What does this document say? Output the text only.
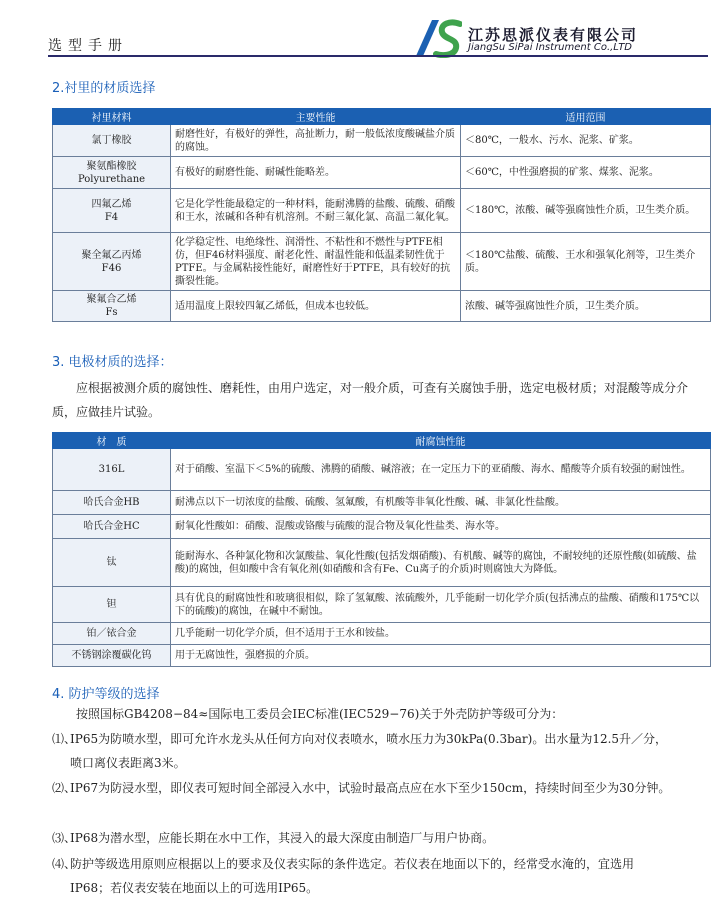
选型手册
江苏思派仪表有限公司
JiangSu SiPai Instrument Co.,LTD
2.衬里的材质选择
衬里材料	主要性能	适用范围
氯丁橡胶	耐磨性好，有极好的弹性，高扯断力，耐一般低浓度酸碱盐介质的腐蚀。	＜80℃，一般水、污水、泥浆、矿浆。
聚氨酯橡胶
Polyurethane	有极好的耐磨性能、耐碱性能略差。	＜60℃，中性强磨损的矿浆、煤浆、泥浆。
四氟乙烯
F4	它是化学性能最稳定的一种材料，能耐沸腾的盐酸、硫酸、硝酸和王水，浓碱和各种有机溶剂。不耐三氟化氯、高温二氟化氧。	＜180℃，浓酸、碱等强腐蚀性介质，卫生类介质。
聚全氟乙丙烯
F46	化学稳定性、电绝缘性、润滑性、不粘性和不燃性与PTFE相仿，但F46材料强度、耐老化性、耐温性能和低温柔韧性优于PTFE。与金属粘接性能好，耐磨性好于PTFE，具有较好的抗撕裂性能。	＜180℃盐酸、硫酸、王水和强氧化剂等，卫生类介质。
聚氟合乙烯
Fs	适用温度上限较四氟乙烯低，但成本也较低。	浓酸、碱等强腐蚀性介质，卫生类介质。
3. 电极材质的选择：
应根据被测介质的腐蚀性、磨耗性，由用户选定，对一般介质，可查有关腐蚀手册，选定电极材质；对混酸等成分介质，应做挂片试验。
材　质	耐腐蚀性能
316L	对于硝酸、室温下＜5%的硫酸、沸腾的硝酸、碱溶液；在一定压力下的亚硝酸、海水、醋酸等介质有较强的耐蚀性。
哈氏合金HB	耐沸点以下一切浓度的盐酸、硫酸、氢氟酸，有机酸等非氧化性酸、碱、非氯化性盐酸。
哈氏合金HC	耐氧化性酸如：硝酸、混酸或铬酸与硫酸的混合物及氧化性盐类、海水等。
钛	能耐海水、各种氯化物和次氯酸盐、氧化性酸(包括发烟硝酸)、有机酸、碱等的腐蚀，不耐较纯的还原性酸(如硫酸、盐酸)的腐蚀，但如酸中含有氧化剂(如硝酸和含有Fe、Cu离子的介质)时则腐蚀大为降低。
钽	具有优良的耐腐蚀性和玻璃很相似，除了氢氟酸、浓硫酸外，几乎能耐一切化学介质(包括沸点的盐酸、硝酸和175℃以下的硫酸)的腐蚀，在碱中不耐蚀。
铂／铱合金	几乎能耐一切化学介质，但不适用于王水和铵盐。
不锈钢涂覆碳化钨	用于无腐蚀性，强磨损的介质。
4. 防护等级的选择
按照国标GB4208−84≈国际电工委员会IEC标准(IEC529−76)关于外壳防护等级可分为：
⑴、
IP65为防喷水型，即可允许水龙头从任何方向对仪表喷水，喷水压力为30kPa(0.3bar)。出水量为12.5升／分，喷口离仪表距离3米。
⑵、
IP67为防浸水型，即仪表可短时间全部浸入水中，试验时最高点应在水下至少150cm，持续时间至少为30分钟。
⑶、
IP68为潜水型，应能长期在水中工作，其浸入的最大深度由制造厂与用户协商。
⑷、
防护等级选用原则应根据以上的要求及仪表实际的条件选定。若仪表在地面以下的，经常受水淹的，宜选用IP68；若仪表安装在地面以上的可选用IP65。
